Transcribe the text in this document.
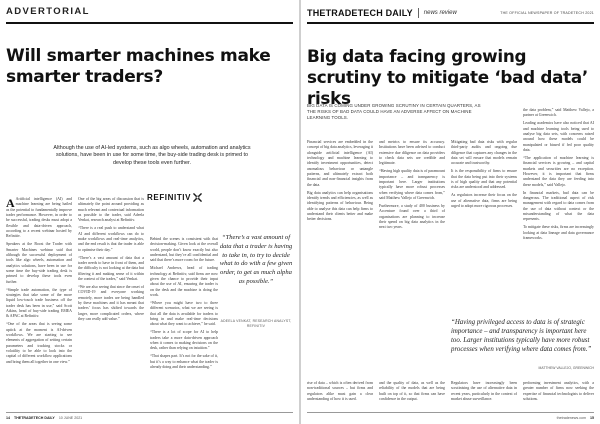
ADVERTORIAL
Will smarter machines make smarter traders?

Although the use of AI-led systems, such as algo wheels, automation and analytics solutions, have been in use for some time, the buy-side trading desk is primed to develop these tools even further.

A Artificial intelligence (AI) and machine learning are being hailed as the potential to fundamentally improve trader performance. However, in order to be successful, trading desks must adopt a flexible and data-driven approach, according to a recent webinar hosted by Refinitiv.

Speakers at the Boost the Trader with Smarter Machines webinar said that although the successful deployment of tools like algo wheels, automation and analytics solutions, have been in use for some time the buy-side trading desk is primed to develop these tools even further.

“Simple trade automation, the type of strategies that take some of the more liquid low-touch trade business off the trader desk has been in use,” said Scott Atkins, head of buy-side trading EMEA & APAC at Refinitiv.

“One of the areas that is seeing some uptick at the moment is AI-driven workflows. We are starting to see elements of aggregation of setting certain parameters and tracking stocks or volatility to be able to look into the capital of different workflow applications and bring them all together in one view.”

One of the big areas of discussion that is ultimately the point around providing as much relevant and contextual information as possible to the trader, said Adeela Venkat, research analyst at Refinitiv.

“There is a real push to understand what AI and different workflows can do to make workflows and real-time analytics, and the end result is that the trader is able to optimise their day.”

“There’s a vast amount of data that a trader needs to have in front of them, and the difficulty is not looking at the data but filtering it and making sense of it within the context of the trades,” said Venkat.

“We are also seeing that since the onset of COVID-19 and everyone working remotely, more trades are being handled by these machines and it has meant that traders’ focus has shifted towards the larger, more complicated orders, where they can really add value.”

Behind the scenes is consistent with that decision-making. Given look at the overall world, people don’t know exactly but also understand, but they’re all confidential and said that there’s more room for the future.

Michael Andrews, head of trading technology at Refinitiv, said firms are now given the chance to provide their input about the use of AI, ensuring the trader is on the desk and the machine is doing the work.

“Where you might have two to three different scenarios, what we are seeing is that all the data is available for traders to bring in and make real-time decisions about what they want to achieve,” he said.

“There is a lot of scope for AI to help traders take a more data-driven approach when it comes to making decisions on the desk, rather than relying on intuition.”

“That shapes part. It’s not for the sake of it, but it’s a way to enhance what the trader is already doing and their understanding.”

REFINITIV
“There’s a vast amount of data that a trader is having to take in, to try to decide what to do with a few given order, to get as much alpha as possible.”
ADEELA VENKAT, RESEARCH ANALYST, REFINITIV
14 THETRADETECH DAILY 10 JUNE 2021
THETRADETECH DAILY news review	THE OFFICIAL NEWSPAPER OF TRADETECH 2021
Big data facing growing scrutiny to mitigate ‘bad data’ risks

BIG DATA IS COMING UNDER GROWING SCRUTINY IN CERTAIN QUARTERS, AS THE RISKS OF BAD DATA COULD HAVE AN ADVERSE AFFECT ON MACHINE LEARNING TOOLS.

Financial services are embedded in the concept of big data analytics, leveraging it alongside artificial intelligence (AI) technology and machine learning to identify investment opportunities, detect anomalous behaviour or untangle patterns, and ultimately extract both financial and non-financial insights from the data.

Big data analytics can help organisations identify trends and efficiencies, as well as identifying patterns of behaviour. Being able to analyse this data can help firms to understand their clients better and make better decisions.

and metrics to ensure its accuracy. Institutions have been advised to conduct extensive due diligence on data providers to check data sets are credible and legitimate.

“Having high quality data is of paramount importance – and transparency is important here. Larger institutions typically have more robust processes when verifying where data comes from,” said Matthew Vallejo of Greenwich.

Furthermore, a study of 400 business by Accenture found over a third of organisations are planning to increase their spend on big data analytics in the next two years.

Mitigating bad data risks with regular third-party audits and ongoing due diligence that captures any changes in the data set will ensure that models remain accurate and trustworthy.

It is the responsibility of firms to ensure that the data being put into their systems is of high quality and that any potential risks are understood and addressed.

As regulators increase their focus on the use of alternative data, firms are being urged to adopt more rigorous processes.

the data problem,” said Matthew Vallejo, a partner at Greenwich.

Leading academics have also noticed that AI and machine learning tools being used to analyse big data sets, with concerns raised around how these models could be manipulated or biased if fed poor quality data.

“The application of machine learning is financial services is growing – and capital markets and securities are no exception. However, it is important that firms understand the data they are feeding into these models,” said Vallejo.

In financial markets, bad data can be dangerous. The traditional aspect of risk management with regard to data comes from the use of data without context or the misunderstanding of what the data represents.

To mitigate these risks, firms are increasingly looking at data lineage and data governance frameworks.

“Having privileged access to data is of strategic importance – and transparency is important here too. Larger institutions typically have more robust processes when verifying where data comes from.”
MATTHEW VALLEJO, GREENWICH
rise of data – which is often derived from non-traditional sources – but firms and regulators alike must gain a clear understanding of how it is used.
and the quality of data, as well as the reliability of the models that are being built on top of it, so that firms can have confidence in the output.
Regulators have increasingly been scrutinising the use of alternative data in recent years, particularly in the context of market abuse surveillance.
performing investment analytics, with a greater number of firms now seeking the expertise of financial technologists to deliver solutions.
thetradenews.com 15
